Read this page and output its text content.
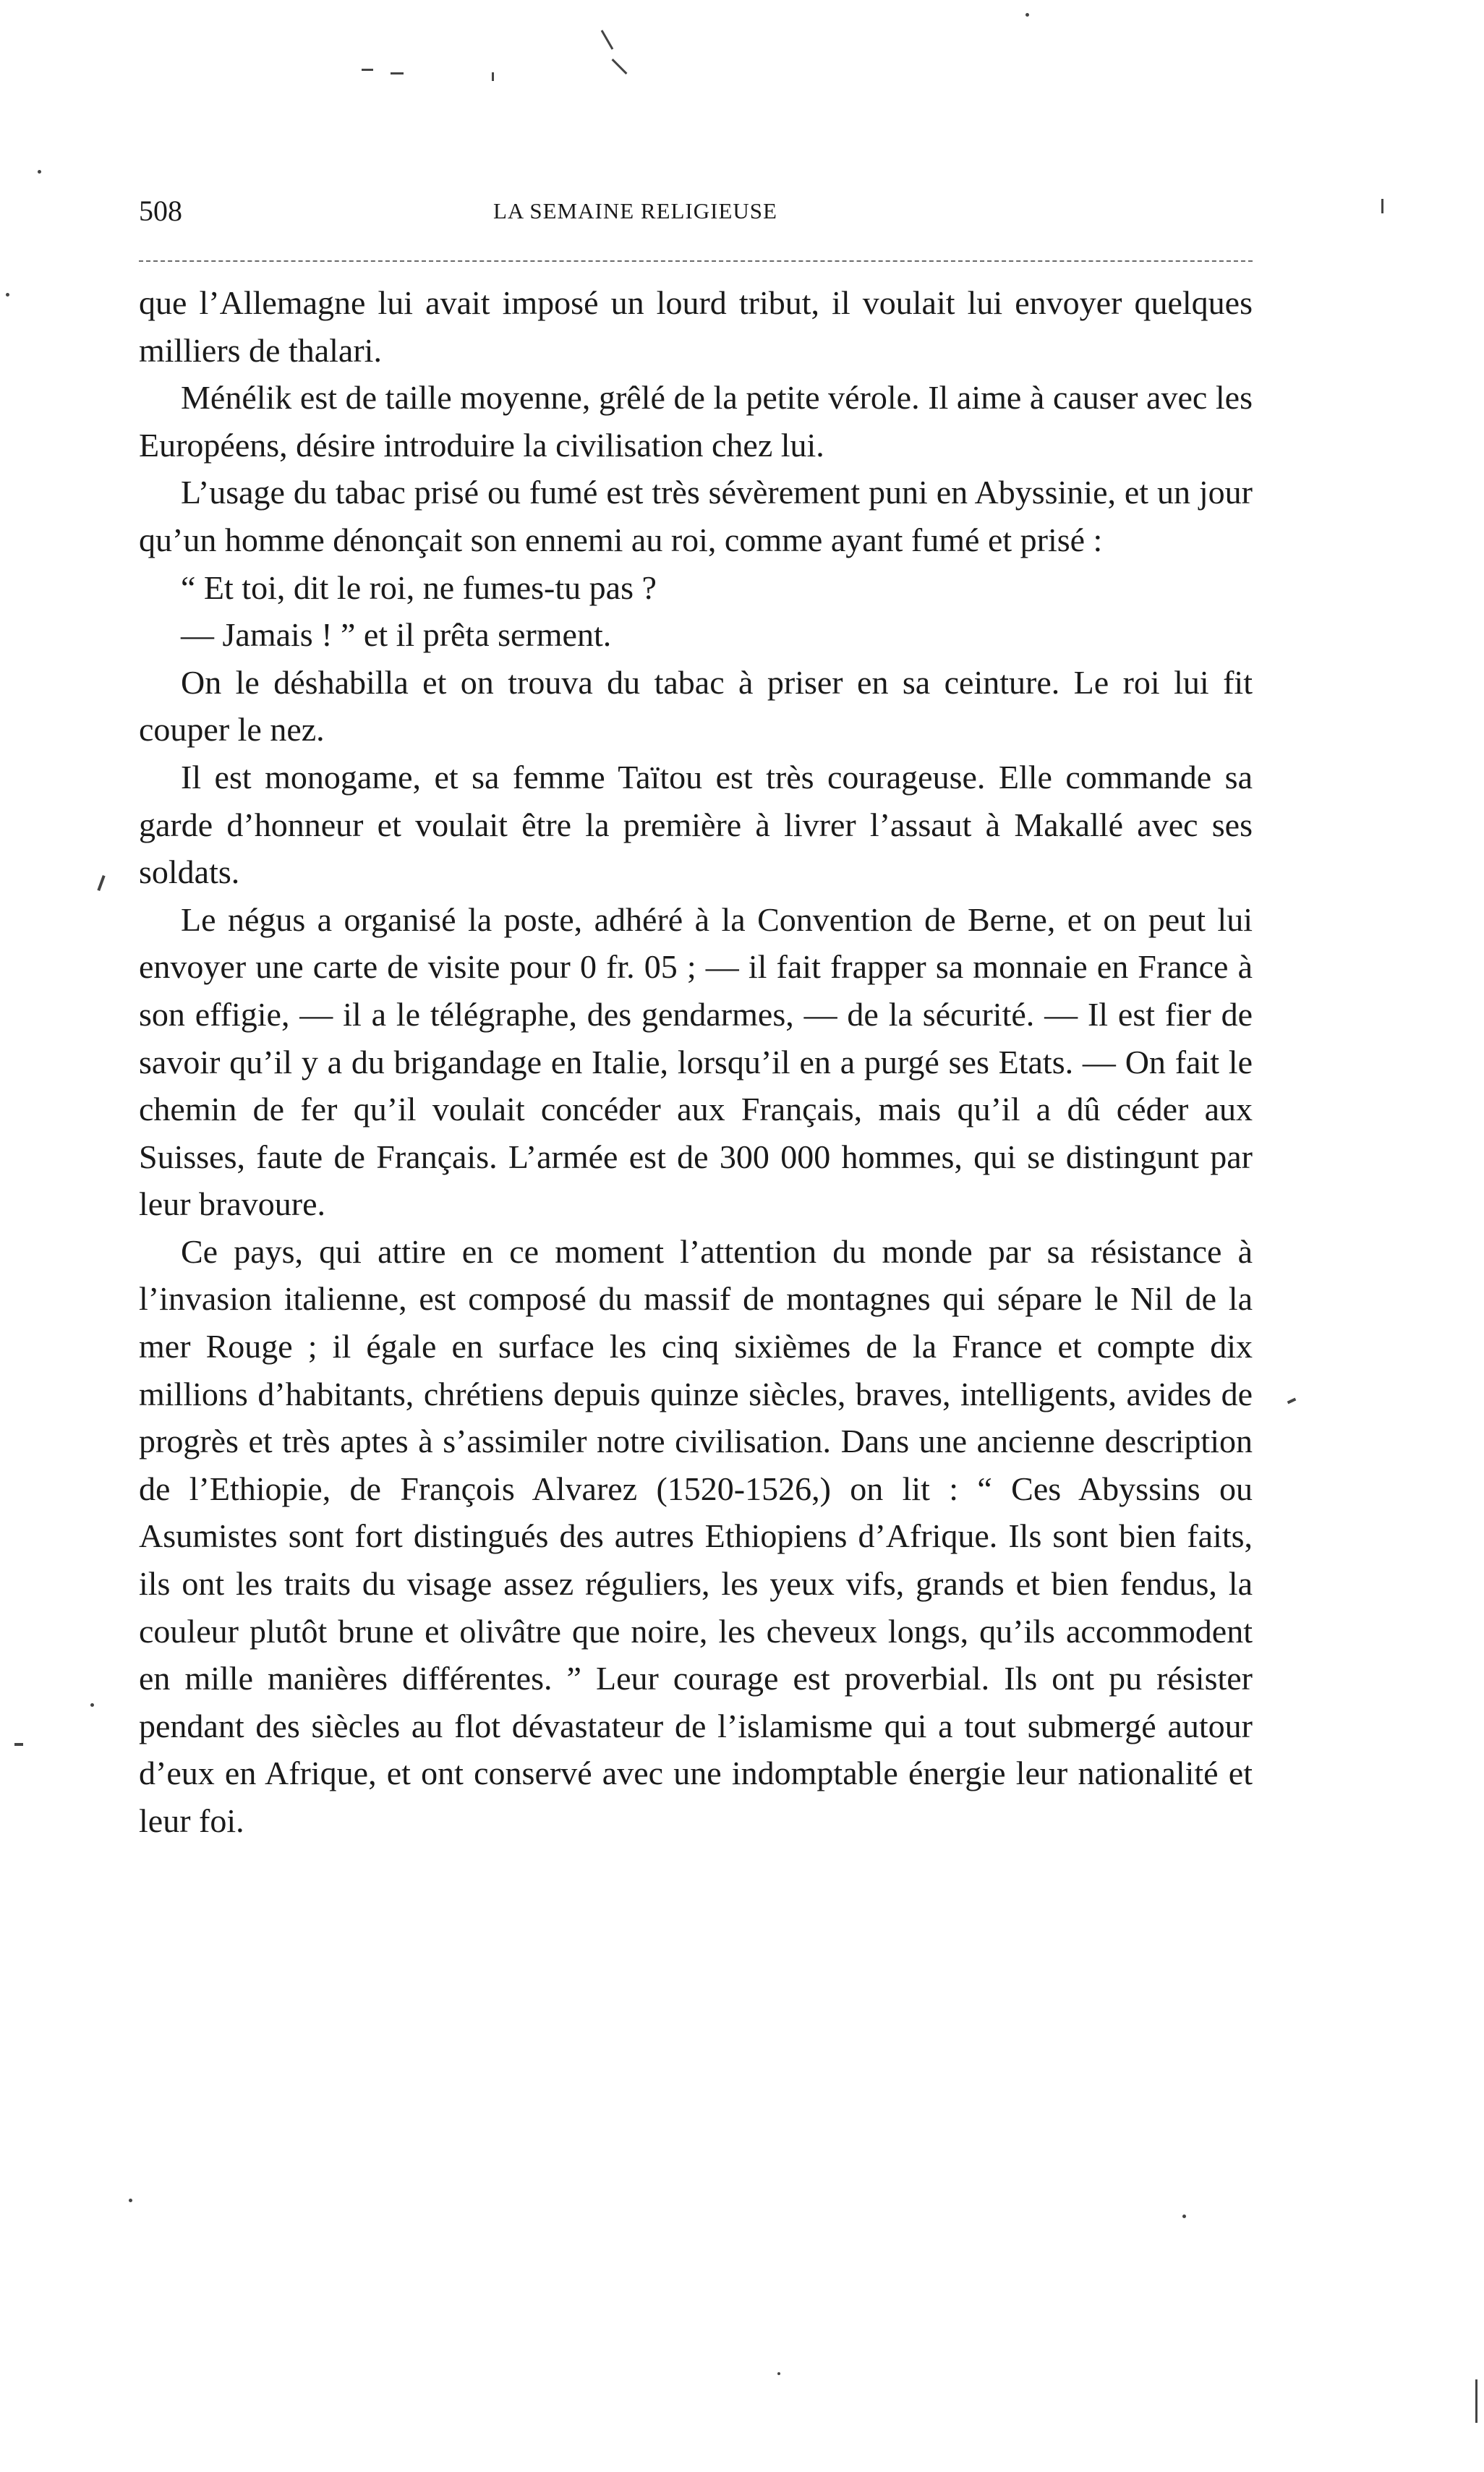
508	LA SEMAINE RELIGIEUSE

que l’Allemagne lui avait imposé un lourd tribut, il voulait lui envoyer quelques milliers de thalari.

Ménélik est de taille moyenne, grêlé de la petite vérole. Il aime à causer avec les Européens, désire introduire la civilisation chez lui.

L’usage du tabac prisé ou fumé est très sévèrement puni en Abyssinie, et un jour qu’un homme dénonçait son ennemi au roi, comme ayant fumé et prisé :

“ Et toi, dit le roi, ne fumes-tu pas ?

— Jamais ! ” et il prêta serment.

On le déshabilla et on trouva du tabac à priser en sa ceinture. Le roi lui fit couper le nez.

Il est monogame, et sa femme Taïtou est très courageuse. Elle commande sa garde d’honneur et voulait être la première à livrer l’assaut à Makallé avec ses soldats.

Le négus a organisé la poste, adhéré à la Convention de Berne, et on peut lui envoyer une carte de visite pour 0 fr. 05 ; — il fait frapper sa monnaie en France à son effigie, — il a le télégraphe, des gendarmes, — de la sécurité. — Il est fier de savoir qu’il y a du brigandage en Italie, lorsqu’il en a purgé ses Etats. — On fait le chemin de fer qu’il voulait concéder aux Français, mais qu’il a dû céder aux Suisses, faute de Français. L’armée est de 300 000 hommes, qui se distingunt par leur bravoure.

Ce pays, qui attire en ce moment l’attention du monde par sa résistance à l’invasion italienne, est composé du massif de montagnes qui sépare le Nil de la mer Rouge ; il égale en surface les cinq sixièmes de la France et compte dix millions d’habitants, chrétiens depuis quinze siècles, braves, intelligents, avides de progrès et très aptes à s’assimiler notre civilisation. Dans une ancienne description de l’Ethiopie, de François Alvarez (1520-1526,) on lit : “ Ces Abyssins ou Asumistes sont fort distingués des autres Ethiopiens d’Afrique. Ils sont bien faits, ils ont les traits du visage assez réguliers, les yeux vifs, grands et bien fendus, la couleur plutôt brune et olivâtre que noire, les cheveux longs, qu’ils accommodent en mille manières différentes. ” Leur courage est proverbial. Ils ont pu résister pendant des siècles au flot dévastateur de l’islamisme qui a tout submergé autour d’eux en Afrique, et ont conservé avec une indomptable énergie leur nationalité et leur foi.
